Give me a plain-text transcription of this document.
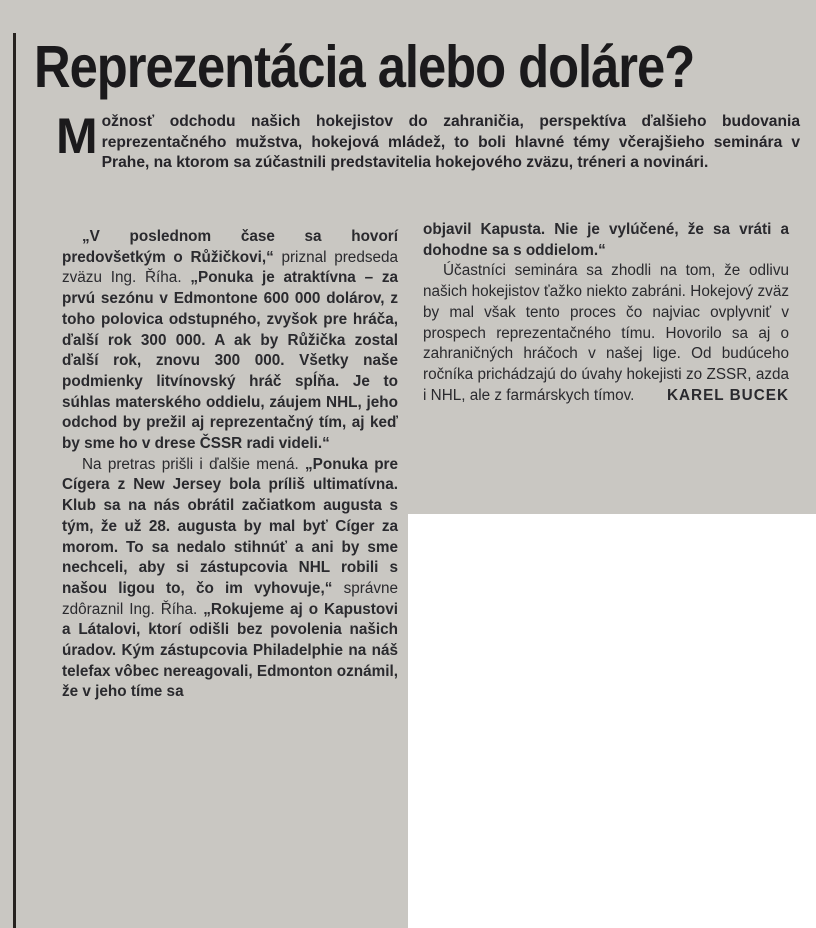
Reprezentácia alebo doláre?
Možnosť odchodu našich hokejistov do zahraničia, perspektíva ďalšieho budovania reprezentačného mužstva, hokejová mládež, to boli hlavné témy včerajšieho seminára v Prahe, na ktorom sa zúčastnili predstavitelia hokejového zväzu, tréneri a novinári.

„V poslednom čase sa hovorí predovšetkým o Růžičkovi,“ priznal predseda zväzu Ing. Říha. „Ponuka je atraktívna – za prvú sezónu v Edmontone 600 000 dolárov, z toho polovica odstupného, zvyšok pre hráča, ďalší rok 300 000. A ak by Růžička zostal ďalší rok, znovu 300 000. Všetky naše podmienky litvínovský hráč spĺňa. Je to súhlas materského oddielu, záujem NHL, jeho odchod by prežil aj reprezentačný tím, aj keď by sme ho v drese ČSSR radi videli.“

Na pretras prišli i ďalšie mená. „Ponuka pre Cígera z New Jersey bola príliš ultimatívna. Klub sa na nás obrátil začiatkom augusta s tým, že už 28. augusta by mal byť Cíger za morom. To sa nedalo stihnúť a ani by sme nechceli, aby si zástupcovia NHL robili s našou ligou to, čo im vyhovuje,“ správne zdôraznil Ing. Říha. „Rokujeme aj o Kapustovi a Látalovi, ktorí odišli bez povolenia našich úradov. Kým zástupcovia Philadelphie na náš telefax vôbec nereagovali, Edmonton oznámil, že v jeho tíme sa

objavil Kapusta. Nie je vylúčené, že sa vráti a dohodne sa s oddielom.“

Účastníci seminára sa zhodli na tom, že odlivu našich hokejistov ťažko niekto zabráni. Hokejový zväz by mal však tento proces čo najviac ovplyvniť v prospech reprezentačného tímu. Hovorilo sa aj o zahraničných hráčoch v našej lige. Od budúceho ročníka prichádzajú do úvahy hokejisti zo ZSSR, azda i NHL, ale z farmárskych tímov.	KAREL BUCEK
